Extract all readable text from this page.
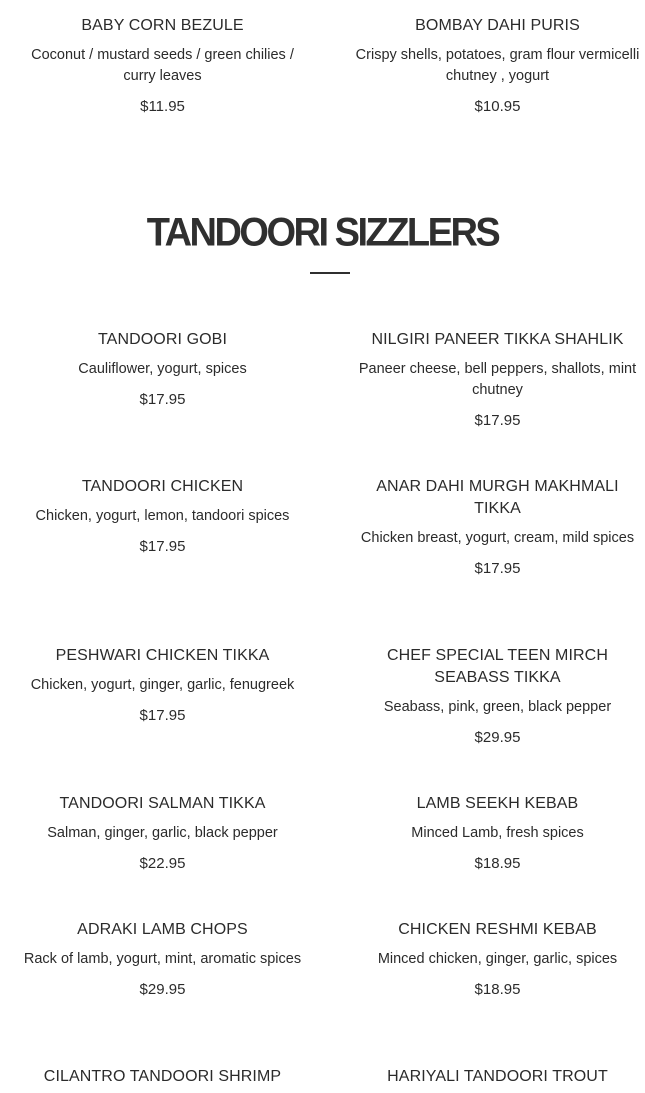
BABY CORN BEZULE
Coconut / mustard seeds / green chilies / curry leaves
$11.95
BOMBAY DAHI PURIS
Crispy shells, potatoes, gram flour vermicelli chutney , yogurt
$10.95
TANDOORI SIZZLERS
TANDOORI GOBI
Cauliflower, yogurt, spices
$17.95
NILGIRI PANEER TIKKA SHAHLIK
Paneer cheese, bell peppers, shallots, mint chutney
$17.95
TANDOORI CHICKEN
Chicken, yogurt, lemon, tandoori spices
$17.95
ANAR DAHI MURGH MAKHMALI TIKKA
Chicken breast, yogurt, cream, mild spices
$17.95
PESHWARI CHICKEN TIKKA
Chicken, yogurt, ginger, garlic, fenugreek
$17.95
CHEF SPECIAL TEEN MIRCH SEABASS TIKKA
Seabass, pink, green, black pepper
$29.95
TANDOORI SALMAN TIKKA
Salman, ginger, garlic, black pepper
$22.95
LAMB SEEKH KEBAB
Minced Lamb, fresh spices
$18.95
ADRAKI LAMB CHOPS
Rack of lamb, yogurt, mint, aromatic spices
$29.95
CHICKEN RESHMI KEBAB
Minced chicken, ginger, garlic, spices
$18.95
CILANTRO TANDOORI SHRIMP	HARIYALI TANDOORI TROUT
